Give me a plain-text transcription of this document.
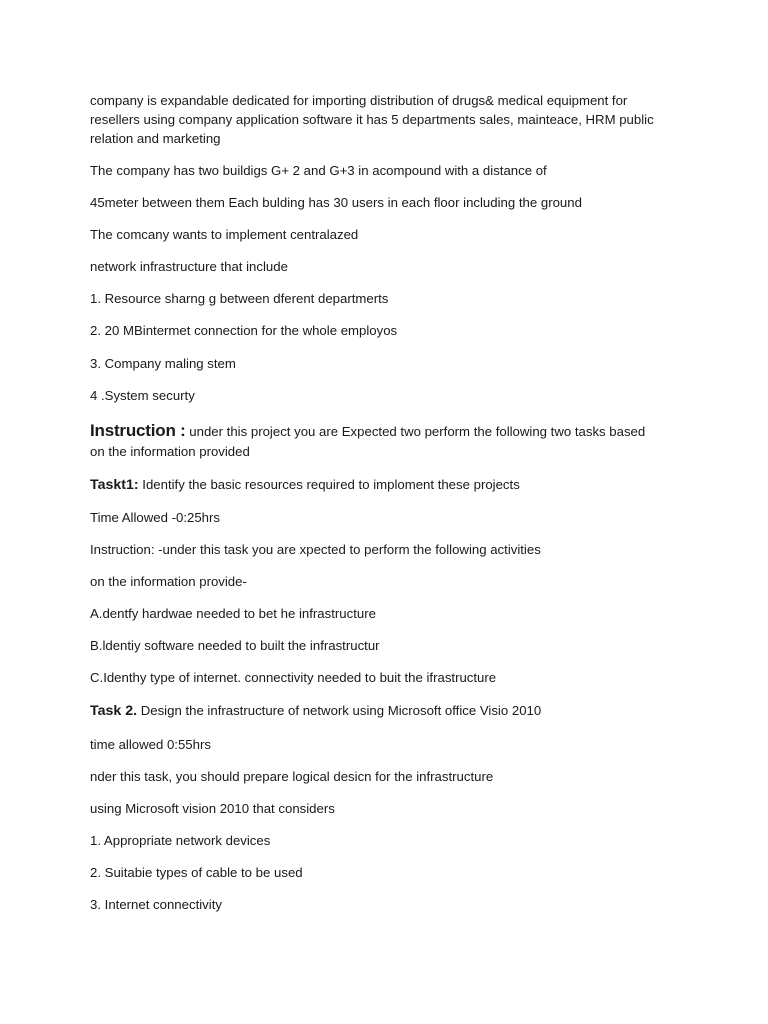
company is expandable dedicated for importing distribution of drugs& medical equipment for resellers using company application software it has 5 departments sales, mainteace, HRM public relation and marketing
The company has two buildigs G+ 2 and G+3 in acompound with a distance of
45meter between them Each bulding has 30 users in each floor including the ground
The comcany wants to implement centralazed
network infrastructure that include
1. Resource sharng g between dferent departmerts
2. 20 MBintermet connection for the whole employos
3. Company maling stem
4 .System securty
Instruction : under this project you are Expected two perform the following two tasks based
on the information provided
Taskt1: Identify the basic resources required to imploment these projects
Time Allowed -0:25hrs
Instruction: -under this task you are xpected to perform the following activities
on the information provide-
A.dentfy hardwae needed to bet he infrastructure
B.ldentiy software needed to built the infrastructur
C.Identhy type of internet. connectivity needed to buit the ifrastructure
Task 2. Design the infrastructure of network using Microsoft office Visio 2010
time allowed 0:55hrs
nder this task, you should prepare logical desicn for the infrastructure
using Microsoft vision 2010 that considers
1. Appropriate network devices
2. Suitabie types of cable to be used
3. Internet connectivity
